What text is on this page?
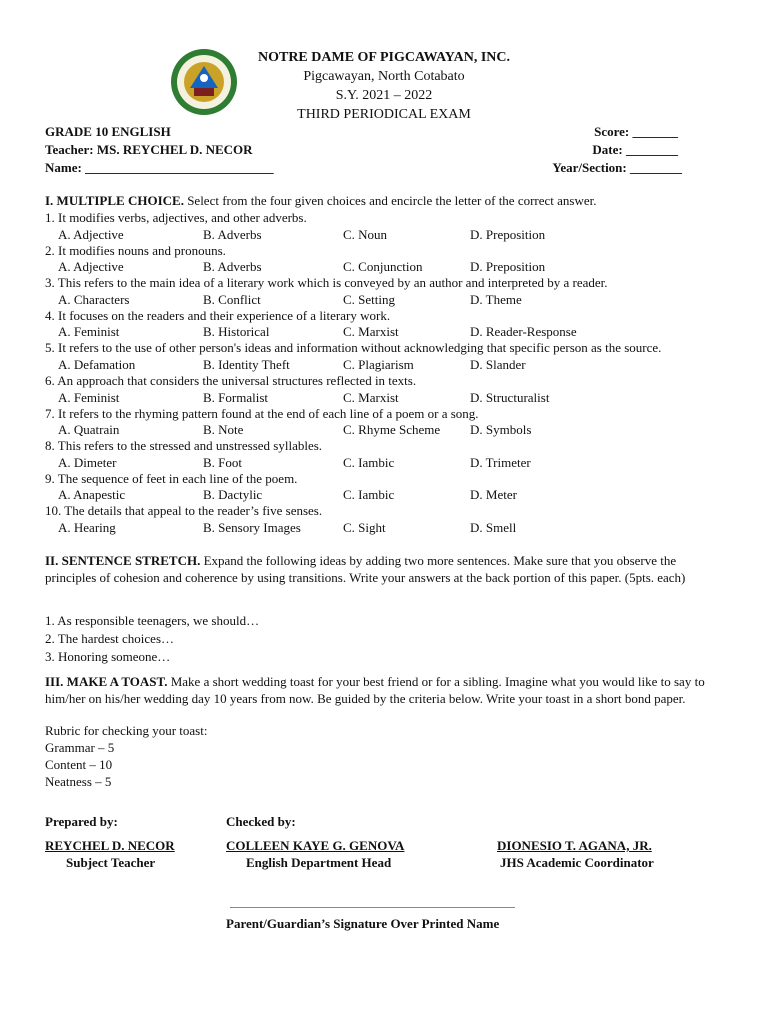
NOTRE DAME OF PIGCAWAYAN, INC.
Pigcawayan, North Cotabato
S.Y. 2021 – 2022
THIRD PERIODICAL EXAM
GRADE 10 ENGLISH	Score: _______
Teacher: MS. REYCHEL D. NECOR	Date: ________
Name: _____________________________	Year/Section: ________
I. MULTIPLE CHOICE. Select from the four given choices and encircle the letter of the correct answer.
1. It modifies verbs, adjectives, and other adverbs.
A. Adjective	B. Adverbs	C. Noun	D. Preposition
2. It modifies nouns and pronouns.
A. Adjective	B. Adverbs	C. Conjunction	D. Preposition
3. This refers to the main idea of a literary work which is conveyed by an author and interpreted by a reader.
A. Characters	B. Conflict	C. Setting	D. Theme
4. It focuses on the readers and their experience of a literary work.
A. Feminist	B. Historical	C. Marxist	D. Reader-Response
5. It refers to the use of other person's ideas and information without acknowledging that specific person as the source.
A. Defamation	B. Identity Theft	C. Plagiarism	D. Slander
6. An approach that considers the universal structures reflected in texts.
A. Feminist	B. Formalist	C. Marxist	D. Structuralist
7. It refers to the rhyming pattern found at the end of each line of a poem or a song.
A. Quatrain	B. Note	C. Rhyme Scheme D. Symbols
8. This refers to the stressed and unstressed syllables.
A. Dimeter	B. Foot	C. Iambic	D. Trimeter
9. The sequence of feet in each line of the poem.
A. Anapestic	B. Dactylic	C. Iambic	D. Meter
10. The details that appeal to the reader’s five senses.
A. Hearing	B. Sensory Images	C. Sight	D. Smell
II. SENTENCE STRETCH. Expand the following ideas by adding two more sentences. Make sure that you observe the principles of cohesion and coherence by using transitions. Write your answers at the back portion of this paper. (5pts. each)
1. As responsible teenagers, we should…
2. The hardest choices…
3. Honoring someone…
III. MAKE A TOAST. Make a short wedding toast for your best friend or for a sibling. Imagine what you would like to say to him/her on his/her wedding day 10 years from now. Be guided by the criteria below. Write your toast in a short bond paper.
Rubric for checking your toast:
Grammar – 5
Content – 10
Neatness – 5
Prepared by:	Checked by:
REYCHEL D. NECOR
Subject Teacher
COLLEEN KAYE G. GENOVA
English Department Head
DIONESIO T. AGANA, JR.
JHS Academic Coordinator
Parent/Guardian’s Signature Over Printed Name
